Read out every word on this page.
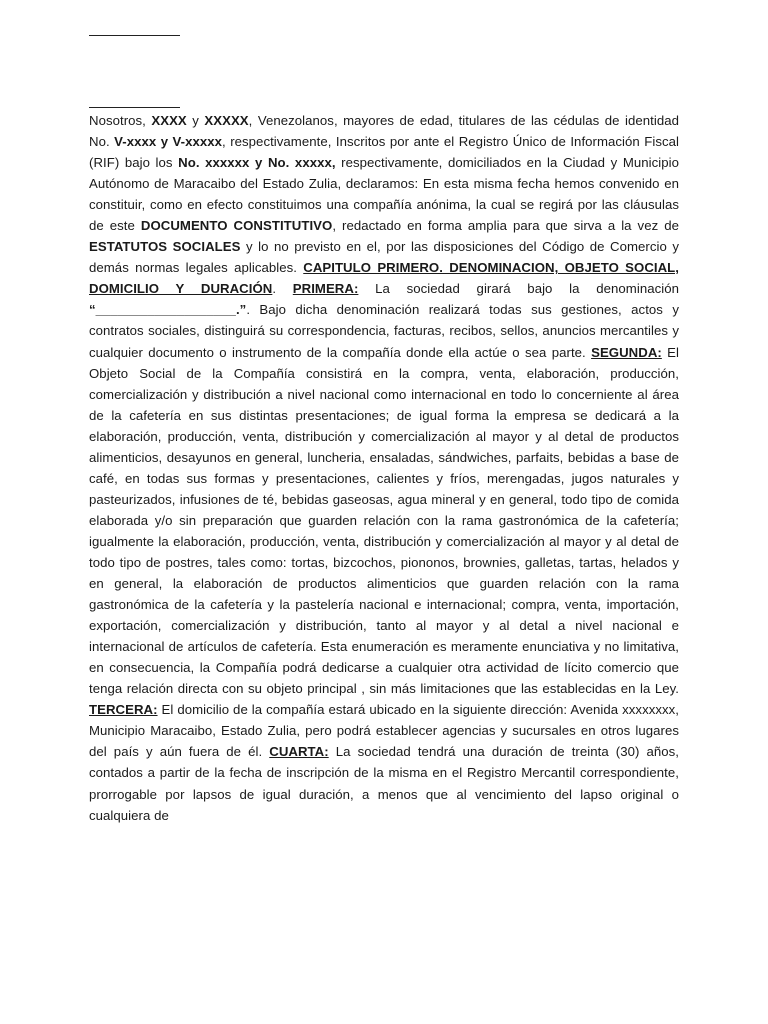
Nosotros, XXXX y XXXXX, Venezolanos, mayores de edad, titulares de las cédulas de identidad No. V-xxxx y V-xxxxx, respectivamente, Inscritos por ante el Registro Único de Información Fiscal (RIF) bajo los No. xxxxxx y No. xxxxx, respectivamente, domiciliados en la Ciudad y Municipio Autónomo de Maracaibo del Estado Zulia, declaramos: En esta misma fecha hemos convenido en constituir, como en efecto constituimos una compañía anónima, la cual se regirá por las cláusulas de este DOCUMENTO CONSTITUTIVO, redactado en forma amplia para que sirva a la vez de ESTATUTOS SOCIALES y lo no previsto en el, por las disposiciones del Código de Comercio y demás normas legales aplicables. CAPITULO PRIMERO. DENOMINACION, OBJETO SOCIAL, DOMICILIO Y DURACIÓN. PRIMERA: La sociedad girará bajo la denominación “___________________.”. Bajo dicha denominación realizará todas sus gestiones, actos y contratos sociales, distinguirá su correspondencia, facturas, recibos, sellos, anuncios mercantiles y cualquier documento o instrumento de la compañía donde ella actúe o sea parte. SEGUNDA: El Objeto Social de la Compañía consistirá en la compra, venta, elaboración, producción, comercialización y distribución a nivel nacional como internacional en todo lo concerniente al área de la cafetería en sus distintas presentaciones; de igual forma la empresa se dedicará a la elaboración, producción, venta, distribución y comercialización al mayor y al detal de productos alimenticios, desayunos en general, luncheria, ensaladas, sándwiches, parfaits, bebidas a base de café, en todas sus formas y presentaciones, calientes y fríos, merengadas, jugos naturales y pasteurizados, infusiones de té, bebidas gaseosas, agua mineral y en general, todo tipo de comida elaborada y/o sin preparación que guarden relación con la rama gastronómica de la cafetería; igualmente la elaboración, producción, venta, distribución y comercialización al mayor y al detal de todo tipo de postres, tales como: tortas, bizcochos, piononos, brownies, galletas, tartas, helados y en general, la elaboración de productos alimenticios que guarden relación con la rama gastronómica de la cafetería y la pastelería nacional e internacional; compra, venta, importación, exportación, comercialización y distribución, tanto al mayor y al detal a nivel nacional e internacional de artículos de cafetería. Esta enumeración es meramente enunciativa y no limitativa, en consecuencia, la Compañía podrá dedicarse a cualquier otra actividad de lícito comercio que tenga relación directa con su objeto principal , sin más limitaciones que las establecidas en la Ley. TERCERA: El domicilio de la compañía estará ubicado en la siguiente dirección: Avenida xxxxxxxx, Municipio Maracaibo, Estado Zulia, pero podrá establecer agencias y sucursales en otros lugares del país y aún fuera de él. CUARTA: La sociedad tendrá una duración de treinta (30) años, contados a partir de la fecha de inscripción de la misma en el Registro Mercantil correspondiente, prorrogable por lapsos de igual duración, a menos que al vencimiento del lapso original o cualquiera de
